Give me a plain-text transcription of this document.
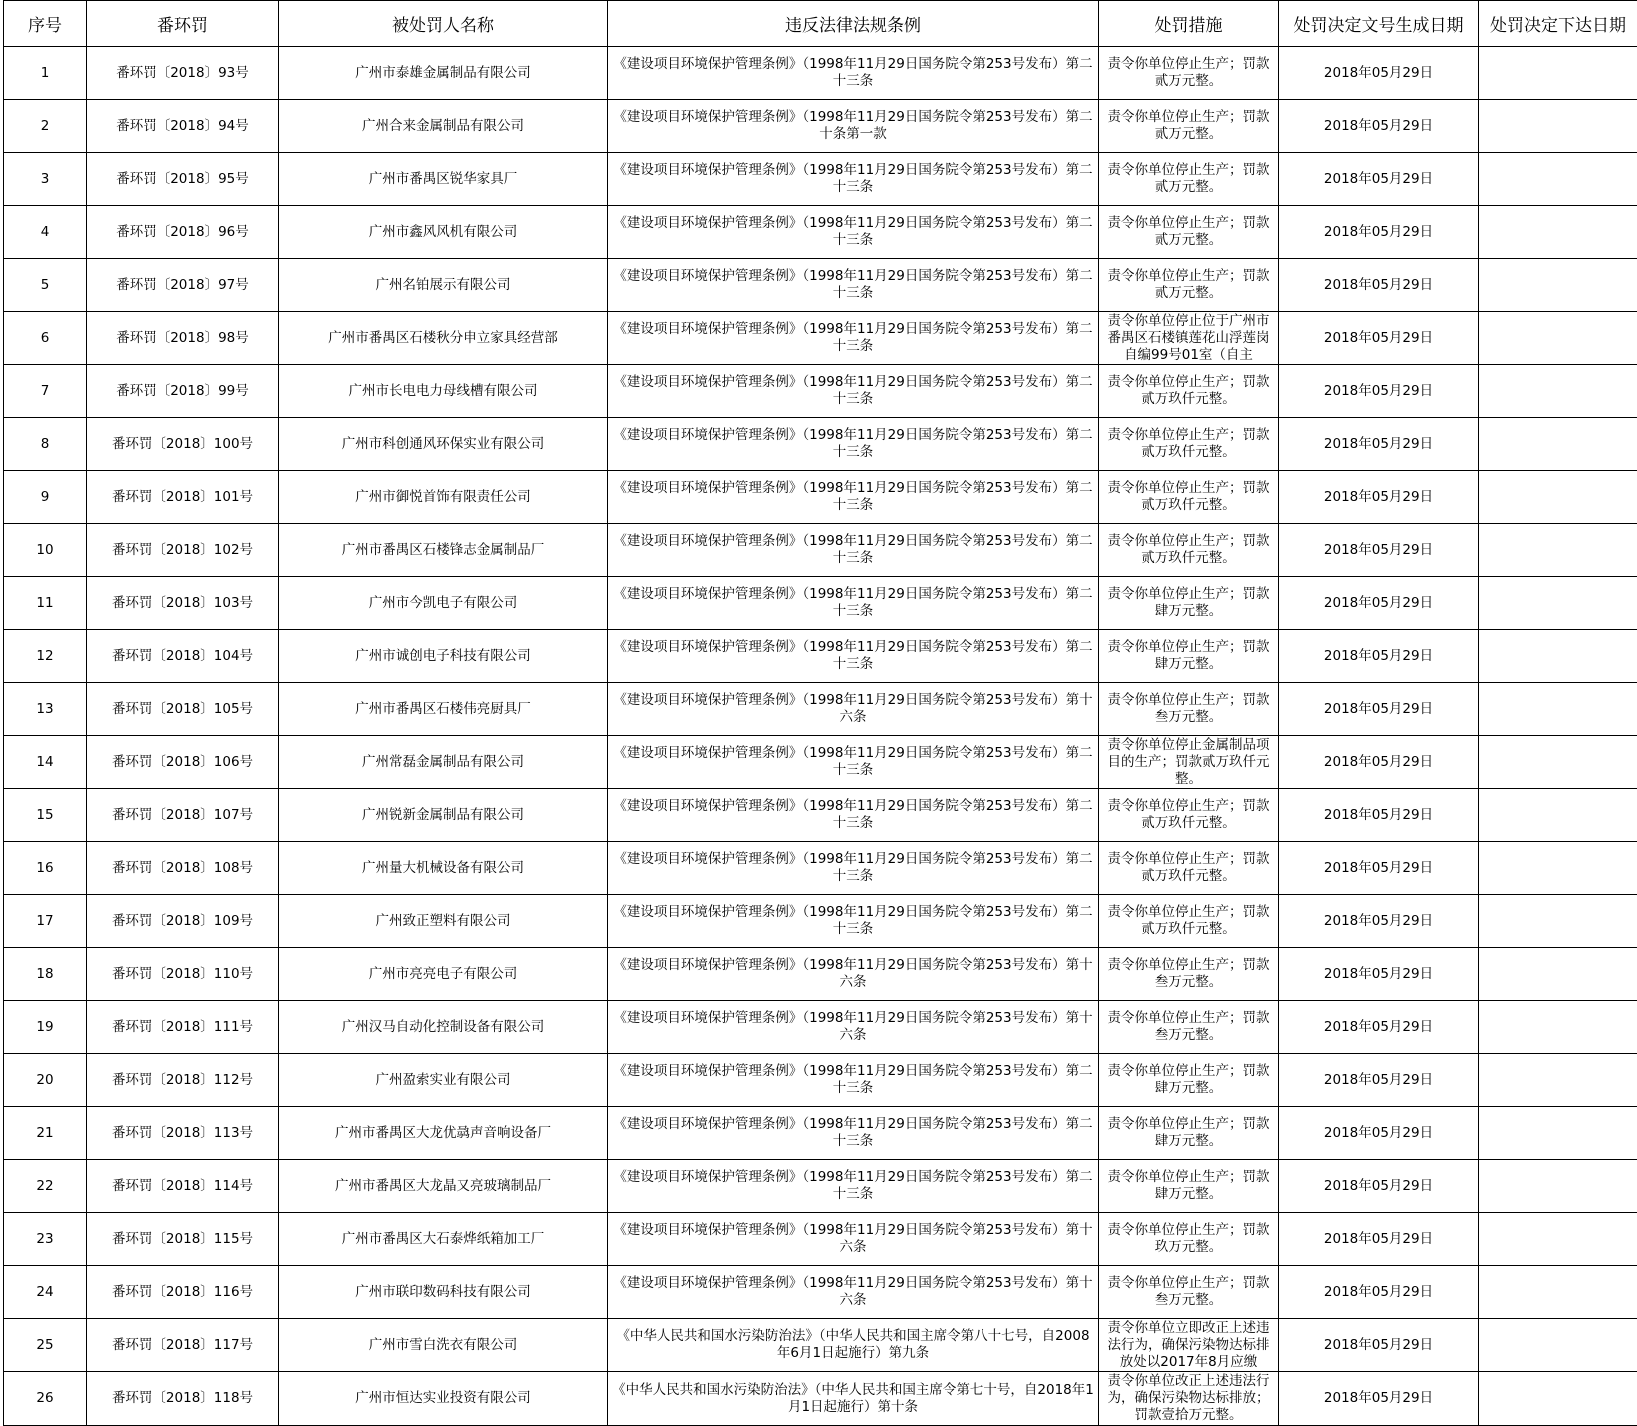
序号	番环罚	被处罚人名称	违反法律法规条例	处罚措施	处罚决定文号生成日期	处罚决定下达日期
1	番环罚〔2018〕93号	广州市泰雄金属制品有限公司	《建设项目环境保护管理条例》（1998年11月29日国务院令第253号发布）第二十三条	责令你单位停止生产；罚款贰万元整。	2018年05月29日	
2	番环罚〔2018〕94号	广州合来金属制品有限公司	《建设项目环境保护管理条例》（1998年11月29日国务院令第253号发布）第二十条第一款	责令你单位停止生产；罚款贰万元整。	2018年05月29日	
3	番环罚〔2018〕95号	广州市番禺区锐华家具厂	《建设项目环境保护管理条例》（1998年11月29日国务院令第253号发布）第二十三条	责令你单位停止生产；罚款贰万元整。	2018年05月29日	
4	番环罚〔2018〕96号	广州市鑫风风机有限公司	《建设项目环境保护管理条例》（1998年11月29日国务院令第253号发布）第二十三条	责令你单位停止生产；罚款贰万元整。	2018年05月29日	
5	番环罚〔2018〕97号	广州名铂展示有限公司	《建设项目环境保护管理条例》（1998年11月29日国务院令第253号发布）第二十三条	责令你单位停止生产；罚款贰万元整。	2018年05月29日	
6	番环罚〔2018〕98号	广州市番禺区石楼秋分申立家具经营部	《建设项目环境保护管理条例》（1998年11月29日国务院令第253号发布）第二十三条	责令你单位停止位于广州市番禺区石楼镇莲花山浮莲岗自编99号01室（自主	2018年05月29日	
7	番环罚〔2018〕99号	广州市长电电力母线槽有限公司	《建设项目环境保护管理条例》（1998年11月29日国务院令第253号发布）第二十三条	责令你单位停止生产；罚款贰万玖仟元整。	2018年05月29日	
8	番环罚〔2018〕100号	广州市科创通风环保实业有限公司	《建设项目环境保护管理条例》（1998年11月29日国务院令第253号发布）第二十三条	责令你单位停止生产；罚款贰万玖仟元整。	2018年05月29日	
9	番环罚〔2018〕101号	广州市御悦首饰有限责任公司	《建设项目环境保护管理条例》（1998年11月29日国务院令第253号发布）第二十三条	责令你单位停止生产；罚款贰万玖仟元整。	2018年05月29日	
10	番环罚〔2018〕102号	广州市番禺区石楼锋志金属制品厂	《建设项目环境保护管理条例》（1998年11月29日国务院令第253号发布）第二十三条	责令你单位停止生产；罚款贰万玖仟元整。	2018年05月29日	
11	番环罚〔2018〕103号	广州市今凯电子有限公司	《建设项目环境保护管理条例》（1998年11月29日国务院令第253号发布）第二十三条	责令你单位停止生产；罚款肆万元整。	2018年05月29日	
12	番环罚〔2018〕104号	广州市诚创电子科技有限公司	《建设项目环境保护管理条例》（1998年11月29日国务院令第253号发布）第二十三条	责令你单位停止生产；罚款肆万元整。	2018年05月29日	
13	番环罚〔2018〕105号	广州市番禺区石楼伟亮厨具厂	《建设项目环境保护管理条例》（1998年11月29日国务院令第253号发布）第十六条	责令你单位停止生产；罚款叁万元整。	2018年05月29日	
14	番环罚〔2018〕106号	广州常磊金属制品有限公司	《建设项目环境保护管理条例》（1998年11月29日国务院令第253号发布）第二十三条	责令你单位停止金属制品项目的生产；罚款贰万玖仟元整。	2018年05月29日	
15	番环罚〔2018〕107号	广州锐新金属制品有限公司	《建设项目环境保护管理条例》（1998年11月29日国务院令第253号发布）第二十三条	责令你单位停止生产；罚款贰万玖仟元整。	2018年05月29日	
16	番环罚〔2018〕108号	广州量大机械设备有限公司	《建设项目环境保护管理条例》（1998年11月29日国务院令第253号发布）第二十三条	责令你单位停止生产；罚款贰万玖仟元整。	2018年05月29日	
17	番环罚〔2018〕109号	广州致正塑料有限公司	《建设项目环境保护管理条例》（1998年11月29日国务院令第253号发布）第二十三条	责令你单位停止生产；罚款贰万玖仟元整。	2018年05月29日	
18	番环罚〔2018〕110号	广州市亮亮电子有限公司	《建设项目环境保护管理条例》（1998年11月29日国务院令第253号发布）第十六条	责令你单位停止生产；罚款叁万元整。	2018年05月29日	
19	番环罚〔2018〕111号	广州汉马自动化控制设备有限公司	《建设项目环境保护管理条例》（1998年11月29日国务院令第253号发布）第十六条	责令你单位停止生产；罚款叁万元整。	2018年05月29日	
20	番环罚〔2018〕112号	广州盈索实业有限公司	《建设项目环境保护管理条例》（1998年11月29日国务院令第253号发布）第二十三条	责令你单位停止生产；罚款肆万元整。	2018年05月29日	
21	番环罚〔2018〕113号	广州市番禺区大龙优骉声音响设备厂	《建设项目环境保护管理条例》（1998年11月29日国务院令第253号发布）第二十三条	责令你单位停止生产；罚款肆万元整。	2018年05月29日	
22	番环罚〔2018〕114号	广州市番禺区大龙晶又亮玻璃制品厂	《建设项目环境保护管理条例》（1998年11月29日国务院令第253号发布）第二十三条	责令你单位停止生产；罚款肆万元整。	2018年05月29日	
23	番环罚〔2018〕115号	广州市番禺区大石泰烨纸箱加工厂	《建设项目环境保护管理条例》（1998年11月29日国务院令第253号发布）第十六条	责令你单位停止生产；罚款玖万元整。	2018年05月29日	
24	番环罚〔2018〕116号	广州市联印数码科技有限公司	《建设项目环境保护管理条例》（1998年11月29日国务院令第253号发布）第十六条	责令你单位停止生产；罚款叁万元整。	2018年05月29日	
25	番环罚〔2018〕117号	广州市雪白洗衣有限公司	《中华人民共和国水污染防治法》（中华人民共和国主席令第八十七号，自2008年6月1日起施行）第九条	责令你单位立即改正上述违法行为，确保污染物达标排放处以2017年8月应缴	2018年05月29日	
26	番环罚〔2018〕118号	广州市恒达实业投资有限公司	《中华人民共和国水污染防治法》（中华人民共和国主席令第七十号，自2018年1月1日起施行）第十条	责令你单位改正上述违法行为，确保污染物达标排放；罚款壹拾万元整。	2018年05月29日	
